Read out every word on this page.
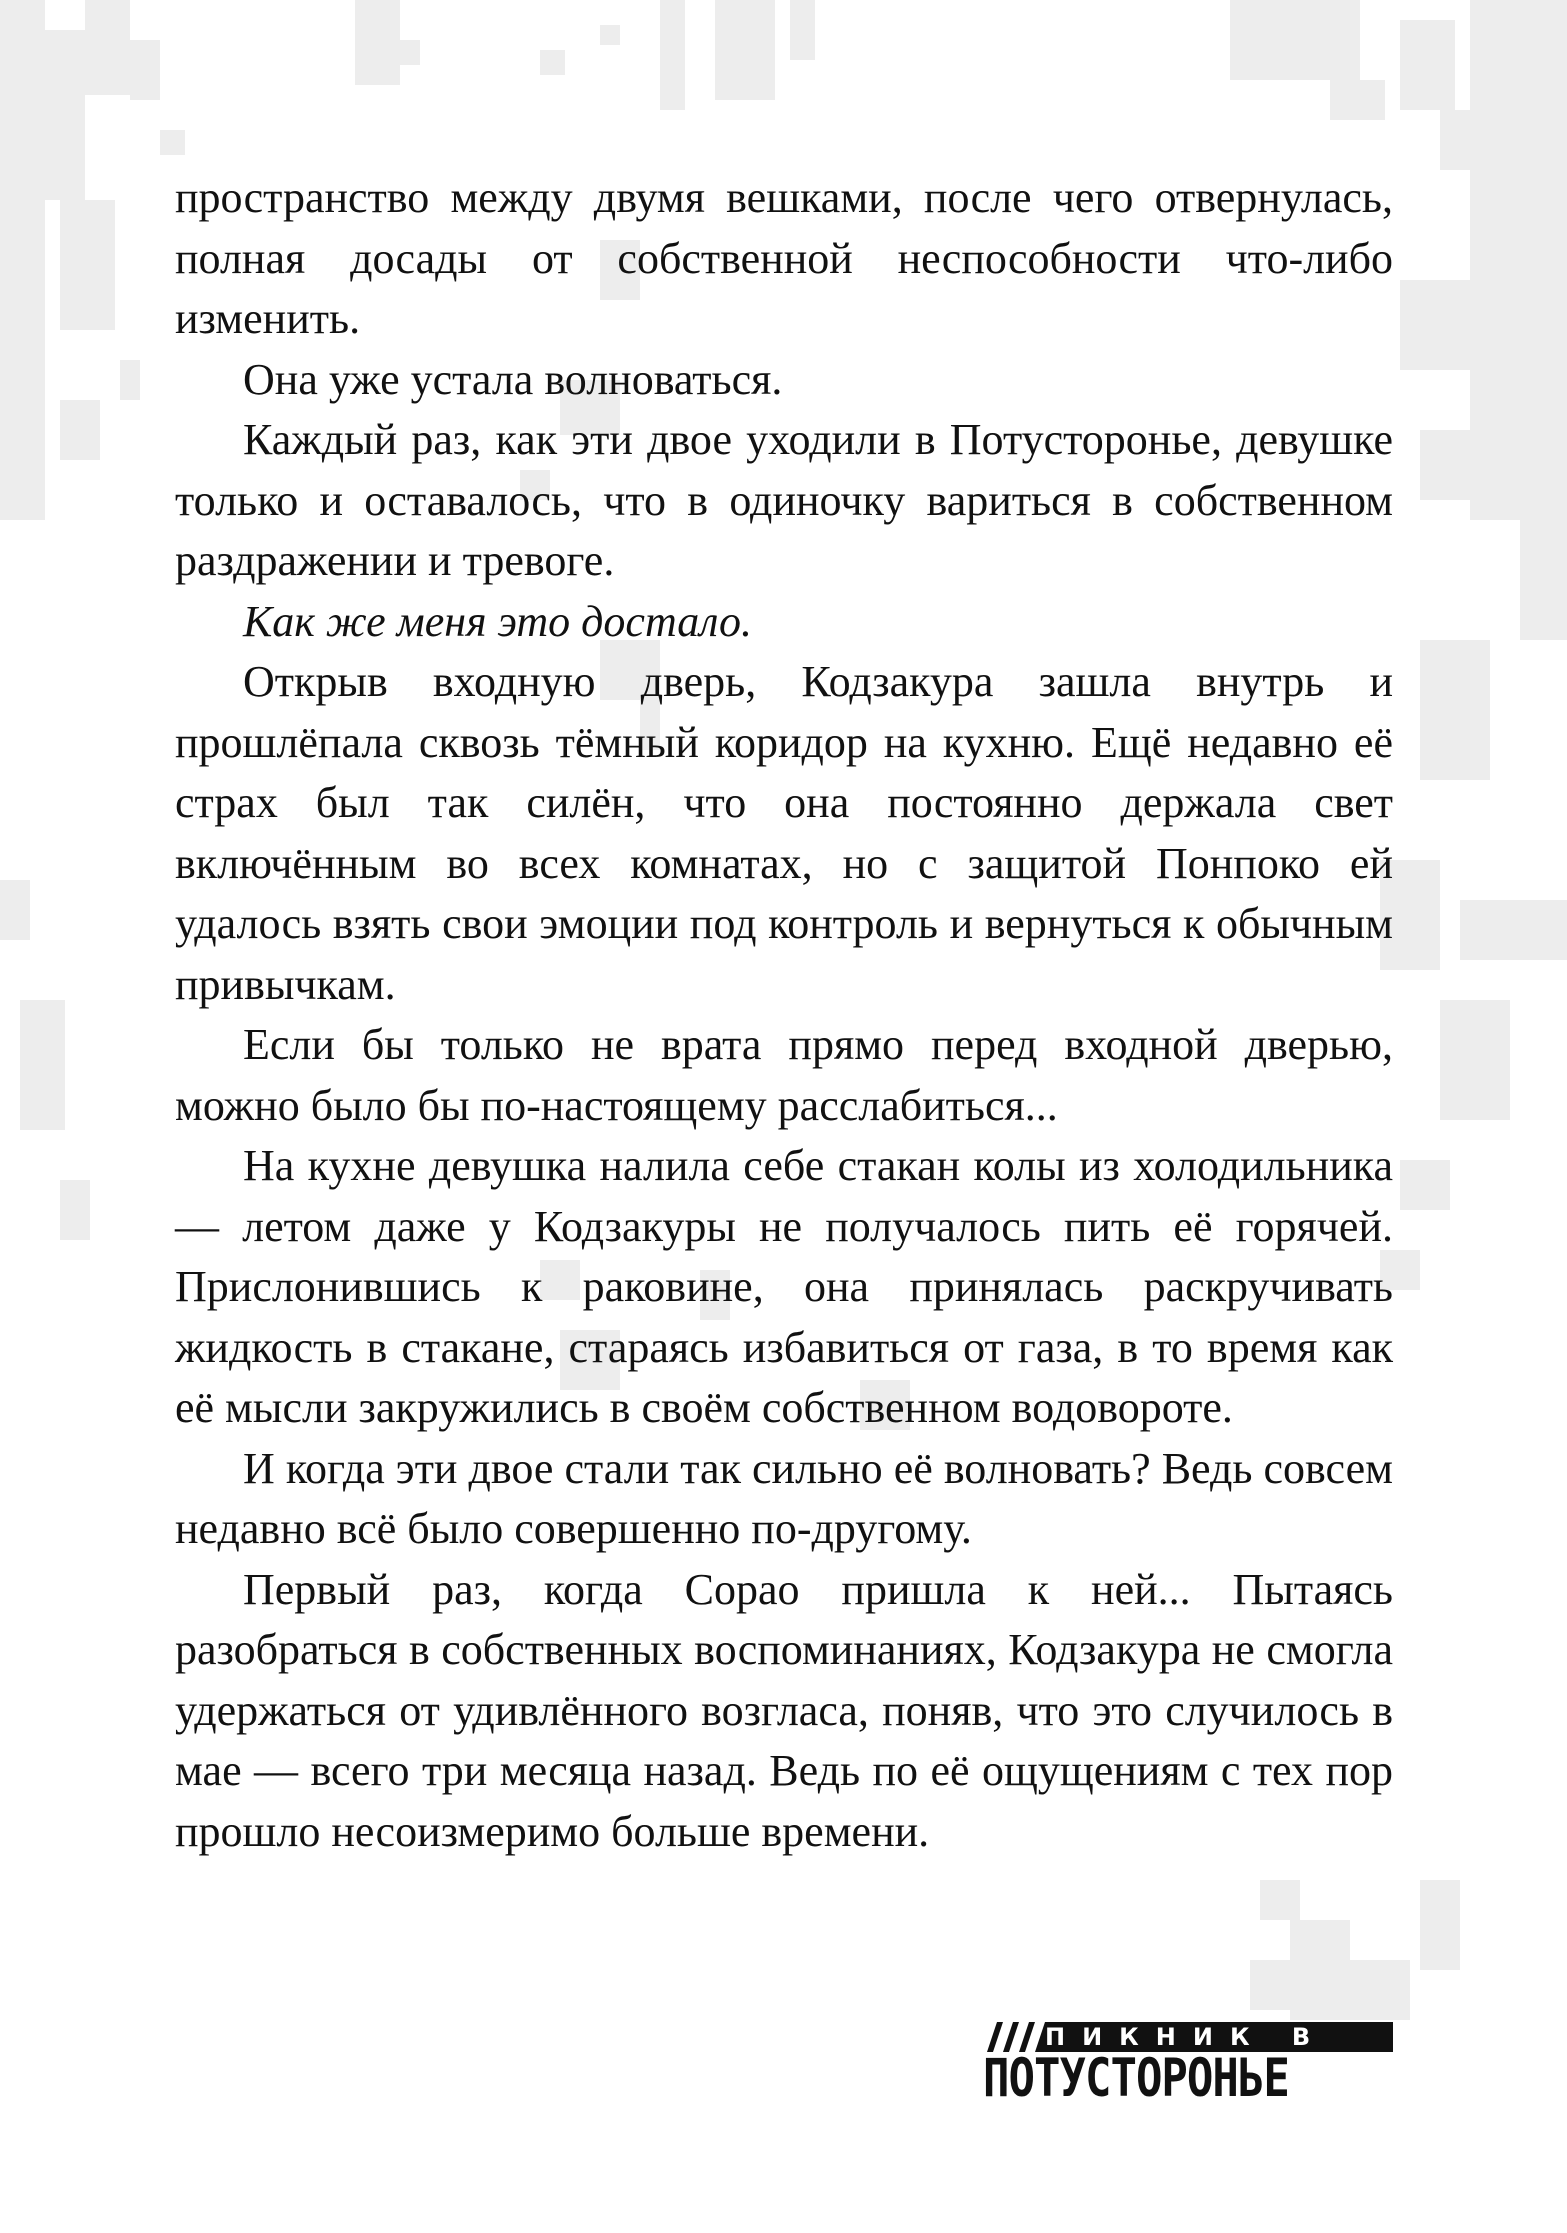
пространство между двумя вешками, после чего отвернулась, полная досады от собственной неспособности что-либо изменить.

Она уже устала волноваться.

Каждый раз, как эти двое уходили в Потусторонье, девушке только и оставалось, что в одиночку вариться в собственном раздражении и тревоге.

Как же меня это достало.

Открыв входную дверь, Кодзакура зашла внутрь и прошлёпала сквозь тёмный коридор на кухню. Ещё недавно её страх был так силён, что она постоянно держала свет включённым во всех комнатах, но с защитой Понпоко ей удалось взять свои эмоции под контроль и вернуться к обычным привычкам.

Если бы только не врата прямо перед входной дверью, можно было бы по-настоящему расслабиться...

На кухне девушка налила себе стакан колы из холодильника — летом даже у Кодзакуры не получалось пить её горячей. Прислонившись к раковине, она принялась раскручивать жидкость в стакане, стараясь избавиться от газа, в то время как её мысли закружились в своём собственном водовороте.

И когда эти двое стали так сильно её волновать? Ведь совсем недавно всё было совершенно по-другому.

Первый раз, когда Сорао пришла к ней... Пытаясь разобраться в собственных воспоминаниях, Кодзакура не смогла удержаться от удивлённого возгласа, поняв, что это случилось в мае — всего три месяца назад. Ведь по её ощущениям с тех пор прошло несоизмеримо больше времени.

ПИКНИК В
ПОТУСТОРОНЬЕ
